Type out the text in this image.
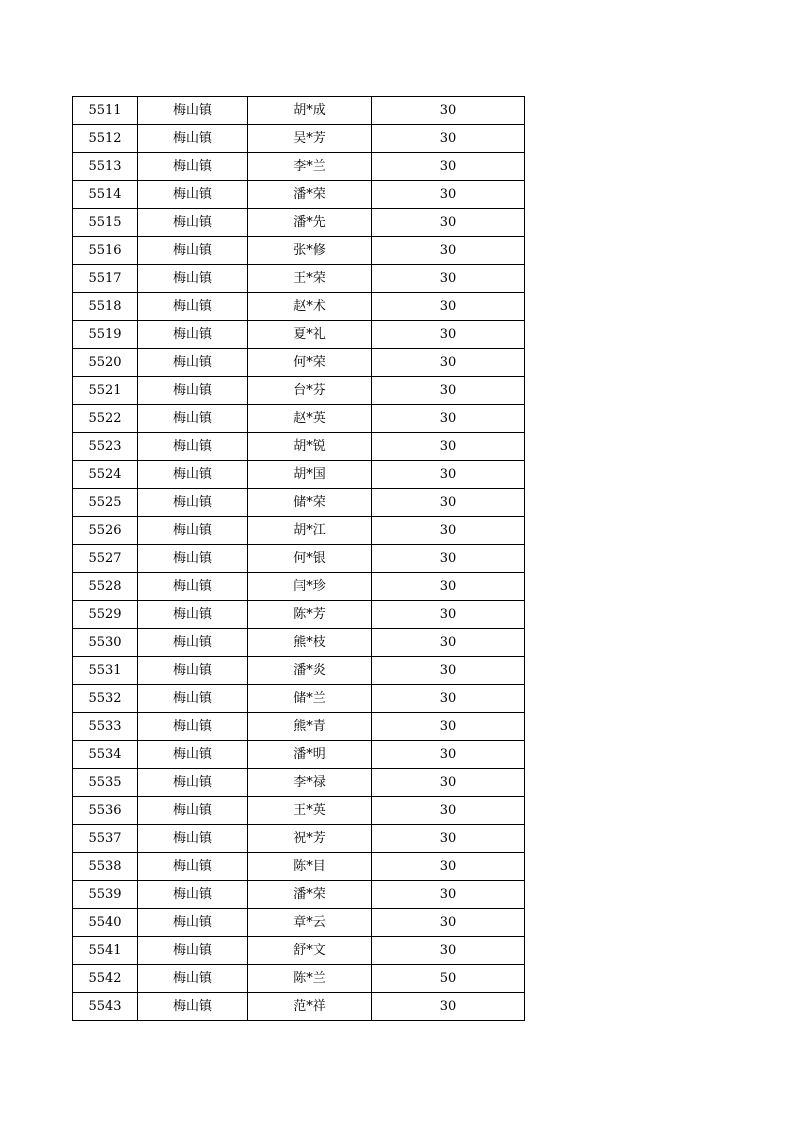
5511	梅山镇	胡*成	30
5512	梅山镇	吴*芳	30
5513	梅山镇	李*兰	30
5514	梅山镇	潘*荣	30
5515	梅山镇	潘*先	30
5516	梅山镇	张*修	30
5517	梅山镇	王*荣	30
5518	梅山镇	赵*术	30
5519	梅山镇	夏*礼	30
5520	梅山镇	何*荣	30
5521	梅山镇	台*芬	30
5522	梅山镇	赵*英	30
5523	梅山镇	胡*锐	30
5524	梅山镇	胡*国	30
5525	梅山镇	储*荣	30
5526	梅山镇	胡*江	30
5527	梅山镇	何*银	30
5528	梅山镇	闫*珍	30
5529	梅山镇	陈*芳	30
5530	梅山镇	熊*枝	30
5531	梅山镇	潘*炎	30
5532	梅山镇	储*兰	30
5533	梅山镇	熊*青	30
5534	梅山镇	潘*明	30
5535	梅山镇	李*禄	30
5536	梅山镇	王*英	30
5537	梅山镇	祝*芳	30
5538	梅山镇	陈*目	30
5539	梅山镇	潘*荣	30
5540	梅山镇	章*云	30
5541	梅山镇	舒*文	30
5542	梅山镇	陈*兰	50
5543	梅山镇	范*祥	30
